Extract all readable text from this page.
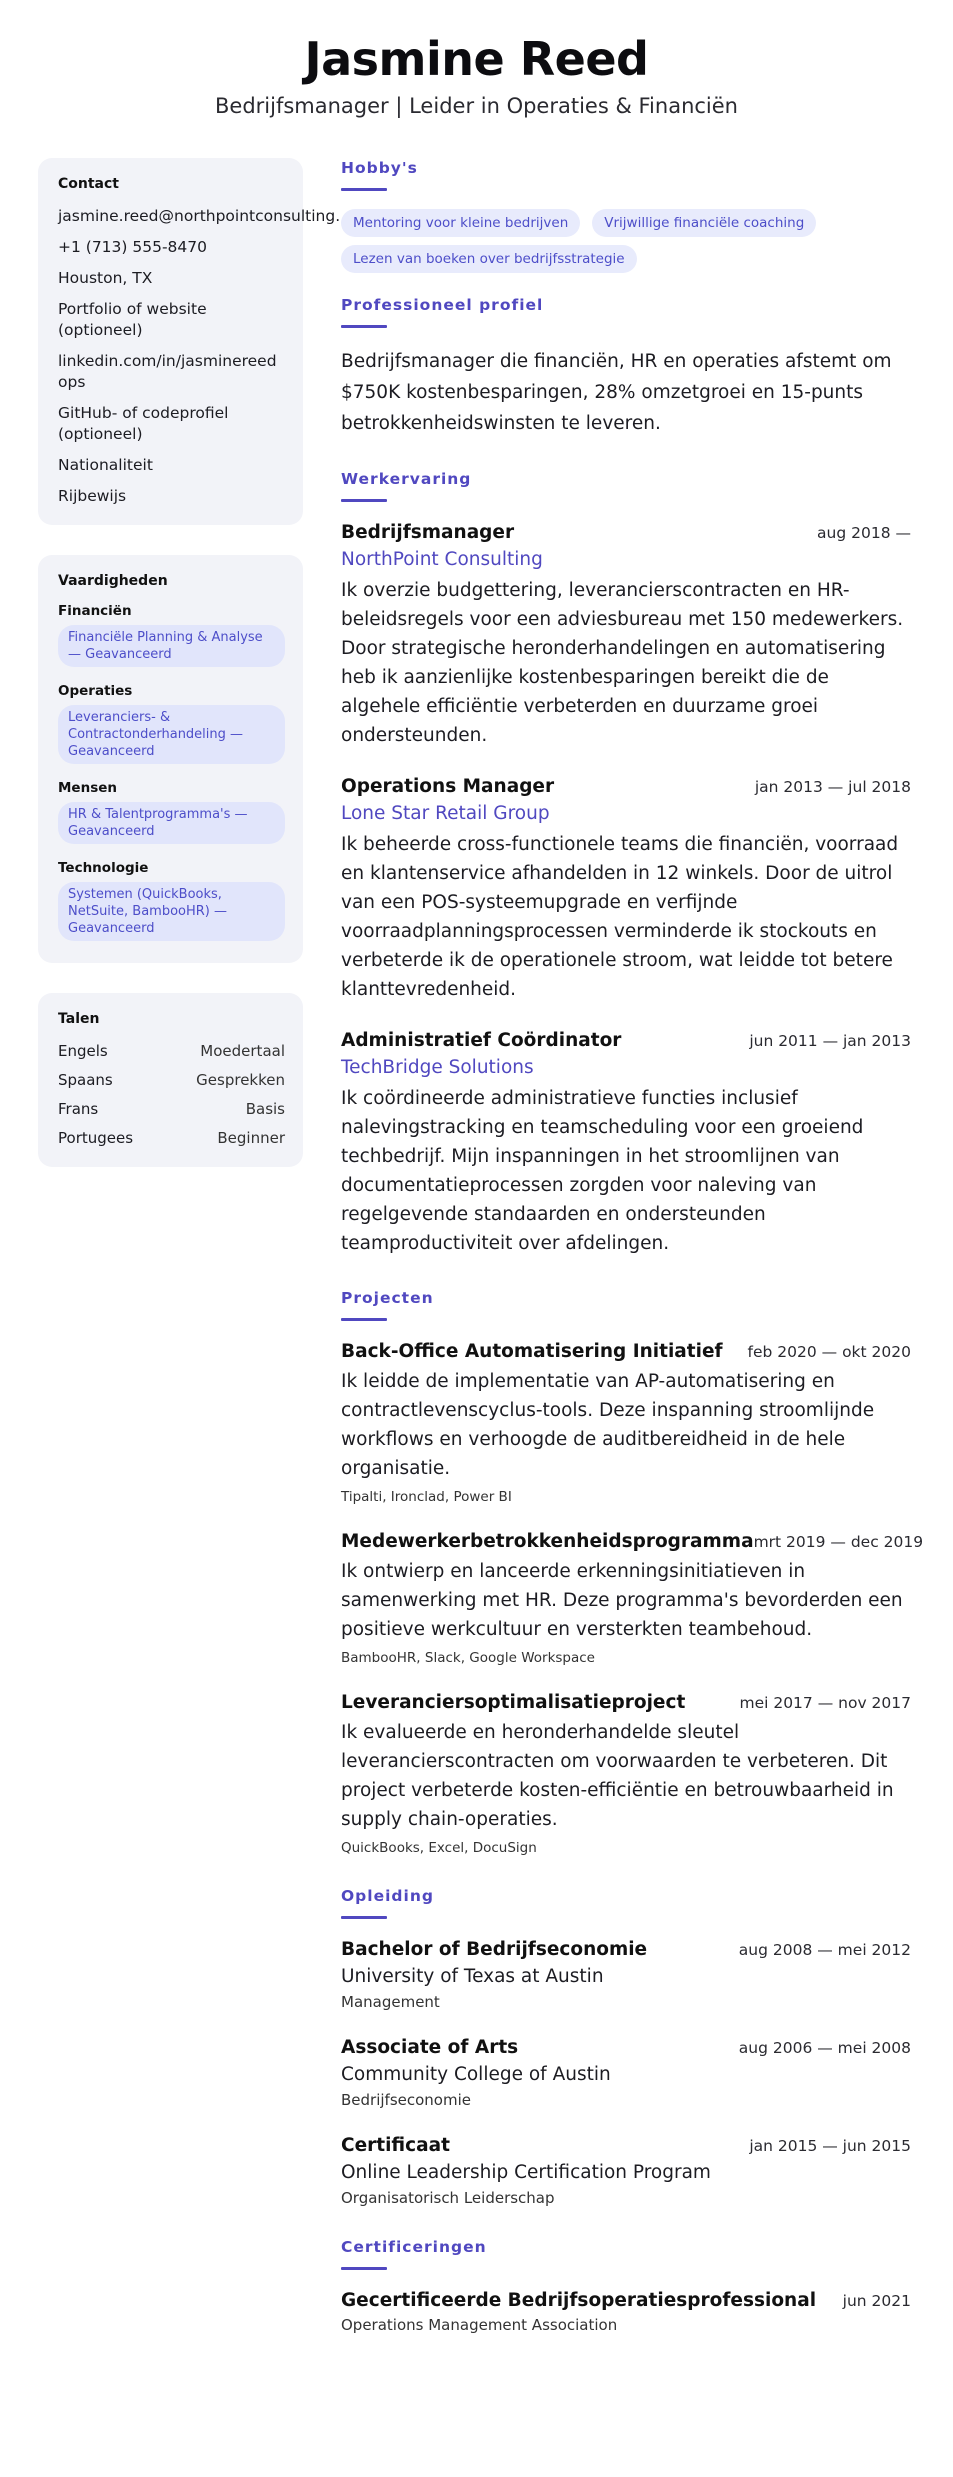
Jasmine Reed

Bedrijfsmanager | Leider in Operaties & Financiën

Contact
jasmine.reed@northpointconsulting.
+1 (713) 555-8470
Houston, TX
Portfolio of website
(optioneel)
linkedin.com/in/jasminereedops
GitHub- of codeprofiel
(optioneel)
Nationaliteit
Rijbewijs
Vaardigheden
Financiën
Financiële Planning & Analyse — Geavanceerd
Operaties
Leveranciers- & Contractonderhandeling — Geavanceerd
Mensen
HR & Talentprogramma's — Geavanceerd
Technologie
Systemen (QuickBooks, NetSuite, BambooHR) — Geavanceerd
Talen
Engels	Moedertaal
Spaans	Gesprekken
Frans	Basis
Portugees	Beginner
Hobby's
Mentoring voor kleine bedrijven	Vrijwillige financiële coaching
Lezen van boeken over bedrijfsstrategie
Professioneel profiel

Bedrijfsmanager die financiën, HR en operaties afstemt om $750K kostenbesparingen, 28% omzetgroei en 15-punts betrokkenheidswinsten te leveren.

Werkervaring
Bedrijfsmanager	aug 2018 —
NorthPoint Consulting

Ik overzie budgettering, leverancierscontracten en HR-beleidsregels voor een adviesbureau met 150 medewerkers. Door strategische heronderhandelingen en automatisering heb ik aanzienlijke kostenbesparingen bereikt die de algehele efficiëntie verbeterden en duurzame groei ondersteunden.

Operations Manager	jan 2013 — jul 2018
Lone Star Retail Group

Ik beheerde cross-functionele teams die financiën, voorraad en klantenservice afhandelden in 12 winkels. Door de uitrol van een POS-systeemupgrade en verfijnde voorraadplanningsprocessen verminderde ik stockouts en verbeterde ik de operationele stroom, wat leidde tot betere klanttevredenheid.

Administratief Coördinator	jun 2011 — jan 2013
TechBridge Solutions

Ik coördineerde administratieve functies inclusief nalevingstracking en teamscheduling voor een groeiend techbedrijf. Mijn inspanningen in het stroomlijnen van documentatieprocessen zorgden voor naleving van regelgevende standaarden en ondersteunden teamproductiviteit over afdelingen.

Projecten
Back-Office Automatisering Initiatief feb 2020 — okt 2020

Ik leidde de implementatie van AP-automatisering en contractlevenscyclus-tools. Deze inspanning stroomlijnde workflows en verhoogde de auditbereidheid in de hele organisatie.

Tipalti, Ironclad, Power BI
Medewerkerbetrokkenheidsprogramma mrt 2019 — dec 2019

Ik ontwierp en lanceerde erkenningsinitiatieven in samenwerking met HR. Deze programma's bevorderden een positieve werkcultuur en versterkten teambehoud.

BambooHR, Slack, Google Workspace
Leveranciersoptimalisatieproject	mei 2017 — nov 2017

Ik evalueerde en heronderhandelde sleutel leverancierscontracten om voorwaarden te verbeteren. Dit project verbeterde kosten-efficiëntie en betrouwbaarheid in supply chain-operaties.

QuickBooks, Excel, DocuSign
Opleiding
Bachelor of Bedrijfseconomie	aug 2008 — mei 2012
University of Texas at Austin
Management
Associate of Arts	aug 2006 — mei 2008
Community College of Austin
Bedrijfseconomie
Certificaat	jan 2015 — jun 2015
Online Leadership Certification Program
Organisatorisch Leiderschap
Certificeringen
Gecertificeerde Bedrijfsoperatiesprofessional jun 2021
Operations Management Association
